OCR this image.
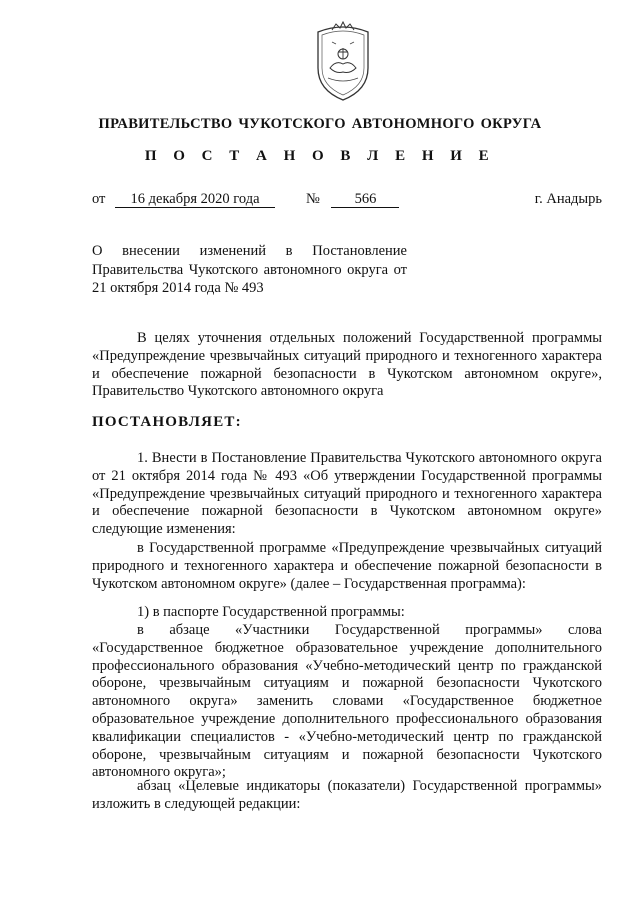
ПРАВИТЕЛЬСТВО ЧУКОТСКОГО АВТОНОМНОГО ОКРУГА
П О С Т А Н О В Л Е Н И Е
от 16 декабря 2020 года	№ 566	г. Анадырь
О внесении изменений в Постановление Правительства Чукотского автономного округа от 21 октября 2014 года № 493
В целях уточнения отдельных положений Государственной программы «Предупреждение чрезвычайных ситуаций природного и техногенного характера и обеспечение пожарной безопасности в Чукотском автономном округе», Правительство Чукотского автономного округа
ПОСТАНОВЛЯЕТ:
1. Внести в Постановление Правительства Чукотского автономного округа от 21 октября 2014 года № 493 «Об утверждении Государственной программы «Предупреждение чрезвычайных ситуаций природного и техногенного характера и обеспечение пожарной безопасности в Чукотском автономном округе» следующие изменения:
в Государственной программе «Предупреждение чрезвычайных ситуаций природного и техногенного характера и обеспечение пожарной безопасности в Чукотском автономном округе» (далее – Государственная программа):
1) в паспорте Государственной программы:
в абзаце «Участники Государственной программы» слова «Государственное бюджетное образовательное учреждение дополнительного профессионального образования «Учебно-методический центр по гражданской обороне, чрезвычайным ситуациям и пожарной безопасности Чукотского автономного округа» заменить словами «Государственное бюджетное образовательное учреждение дополнительного профессионального образования квалификации специалистов - «Учебно-методический центр по гражданской обороне, чрезвычайным ситуациям и пожарной безопасности Чукотского автономного округа»;
абзац «Целевые индикаторы (показатели) Государственной программы» изложить в следующей редакции:
